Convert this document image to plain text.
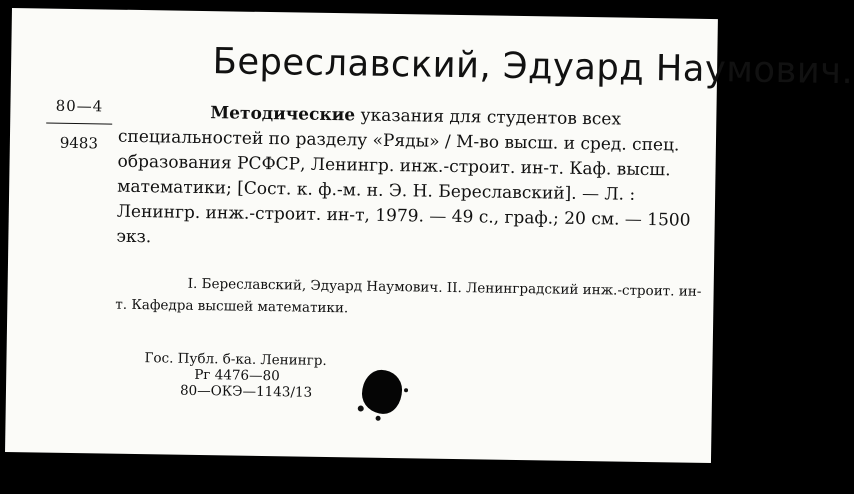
Береславский, Эдуард Наумович.
80—4
9483

Методические указания для студентов всех специальностей по разделу «Ряды» / М-во высш. и сред. спец. образования РСФСР, Ленингр. инж.-строит. ин-т. Каф. высш. математики; [Сост. к. ф.-м. н. Э. Н. Береславский]. — Л. : Ленингр. инж.-строит. ин-т, 1979. — 49 с., граф.; 20 см. — 1500 экз.

I. Береславский, Эдуард Наумович. II. Ленинградский инж.-строит. ин-т. Кафедра высшей математики.

Гос. Публ. б-ка. Ленингр.
Рг 4476—80
80—ОКЭ—1143/13
